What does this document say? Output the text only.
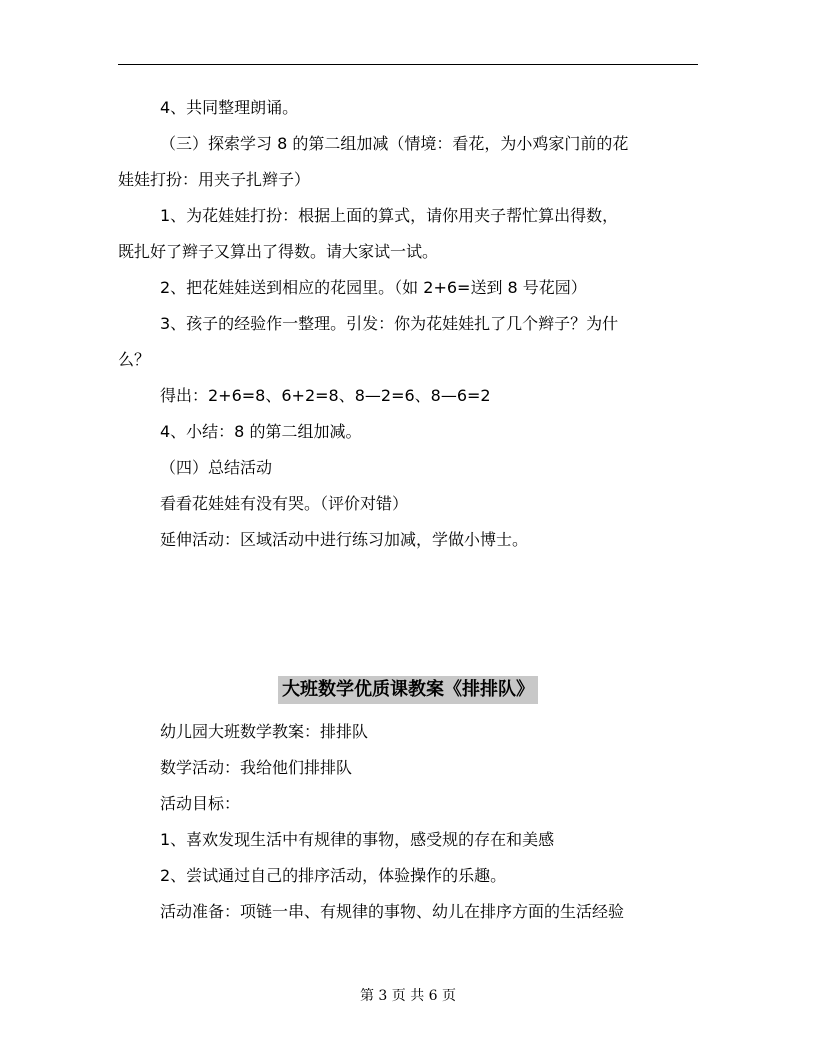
4、共同整理朗诵。
（三）探索学习 8 的第二组加减（情境：看花，为小鸡家门前的花
娃娃打扮：用夹子扎辫子）
1、为花娃娃打扮：根据上面的算式，请你用夹子帮忙算出得数，
既扎好了辫子又算出了得数。请大家试一试。
2、把花娃娃送到相应的花园里。（如 2+6=送到 8 号花园）
3、孩子的经验作一整理。引发：你为花娃娃扎了几个辫子？为什
么？
得出：2+6=8、6+2=8、8—2=6、8—6=2
4、小结：8 的第二组加减。
（四）总结活动
看看花娃娃有没有哭。（评价对错）
延伸活动：区域活动中进行练习加减，学做小博士。
大班数学优质课教案《排排队》
幼儿园大班数学教案：排排队
数学活动：我给他们排排队
活动目标：
1、喜欢发现生活中有规律的事物，感受规的存在和美感
2、尝试通过自己的排序活动，体验操作的乐趣。
活动准备：项链一串、有规律的事物、幼儿在排序方面的生活经验
第 3 页 共 6 页
